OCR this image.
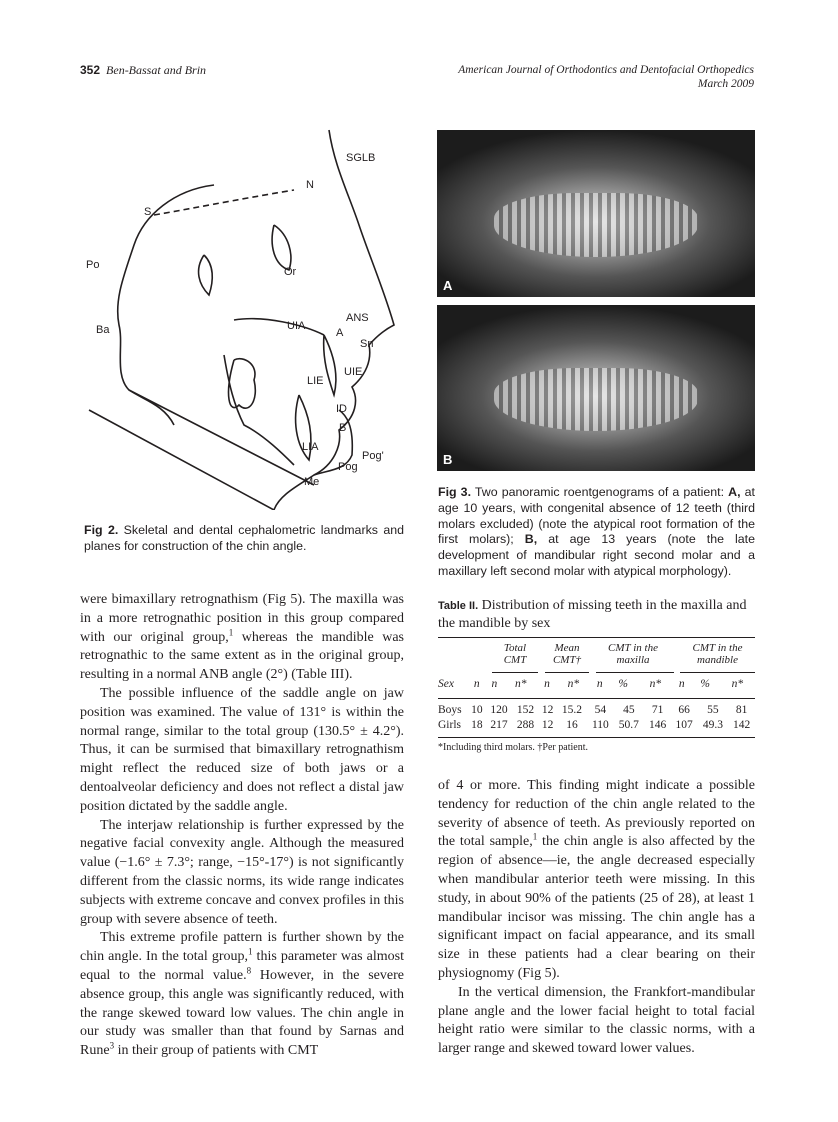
352 Ben-Bassat and Brin	American Journal of Orthodontics and Dentofacial Orthopedics
March 2009
SGLB
N
S
Po
Or
Ba
ANS
A
UIA
Sn
UIE
LIE
ID
B
LIA
Pog'
Pog
Me
Fig 2. Skeletal and dental cephalometric landmarks and planes for construction of the chin angle.
A
B
Fig 3. Two panoramic roentgenograms of a patient: A, at age 10 years, with congenital absence of 12 teeth (third molars excluded) (note the atypical root formation of the first molars); B, at age 13 years (note the late development of mandibular right second molar and a maxillary left second molar with atypical morphology).

were bimaxillary retrognathism (Fig 5). The maxilla was in a more retrognathic position in this group compared with our original group,$^1$ whereas the mandible was retrognathic to the same extent as in the original group, resulting in a normal ANB angle (2°) (Table III).

The possible influence of the saddle angle on jaw position was examined. The value of 131° is within the normal range, similar to the total group (130.5° ± 4.2°). Thus, it can be surmised that bimaxillary retrognathism might reflect the reduced size of both jaws or a dentoalveolar deficiency and does not reflect a distal jaw position dictated by the saddle angle.

The interjaw relationship is further expressed by the negative facial convexity angle. Although the measured value (−1.6° ± 7.3°; range, −15°-17°) is not significantly different from the classic norms, its wide range indicates subjects with extreme concave and convex profiles in this group with severe absence of teeth.

This extreme profile pattern is further shown by the chin angle. In the total group,$^1$ this parameter was almost equal to the normal value.$^8$ However, in the severe absence group, this angle was significantly reduced, with the range skewed toward low values. The chin angle in our study was smaller than that found by Sarnas and Rune$^3$ in their group of patients with CMT

Table II. Distribution of missing teeth in the maxilla and the mandible by sex
Total CMT
Mean CMT†
CMT in the maxilla
CMT in the mandible
Sex	n	n	n*	n	n*	n	%	n*	n	%	n*
Boys	10	120	152	12	15.2	54	45	71	66	55	81
Girls	18	217	288	12	16	110	50.7	146	107	49.3	142
*Including third molars. †Per patient.

of 4 or more. This finding might indicate a possible tendency for reduction of the chin angle related to the severity of absence of teeth. As previously reported on the total sample,$^1$ the chin angle is also affected by the region of absence—ie, the angle decreased especially when mandibular anterior teeth were missing. In this study, in about 90% of the patients (25 of 28), at least 1 mandibular incisor was missing. The chin angle has a significant impact on facial appearance, and its small size in these patients had a clear bearing on their physiognomy (Fig 5).

In the vertical dimension, the Frankfort-mandibular plane angle and the lower facial height to total facial height ratio were similar to the classic norms, with a larger range and skewed toward lower values.
